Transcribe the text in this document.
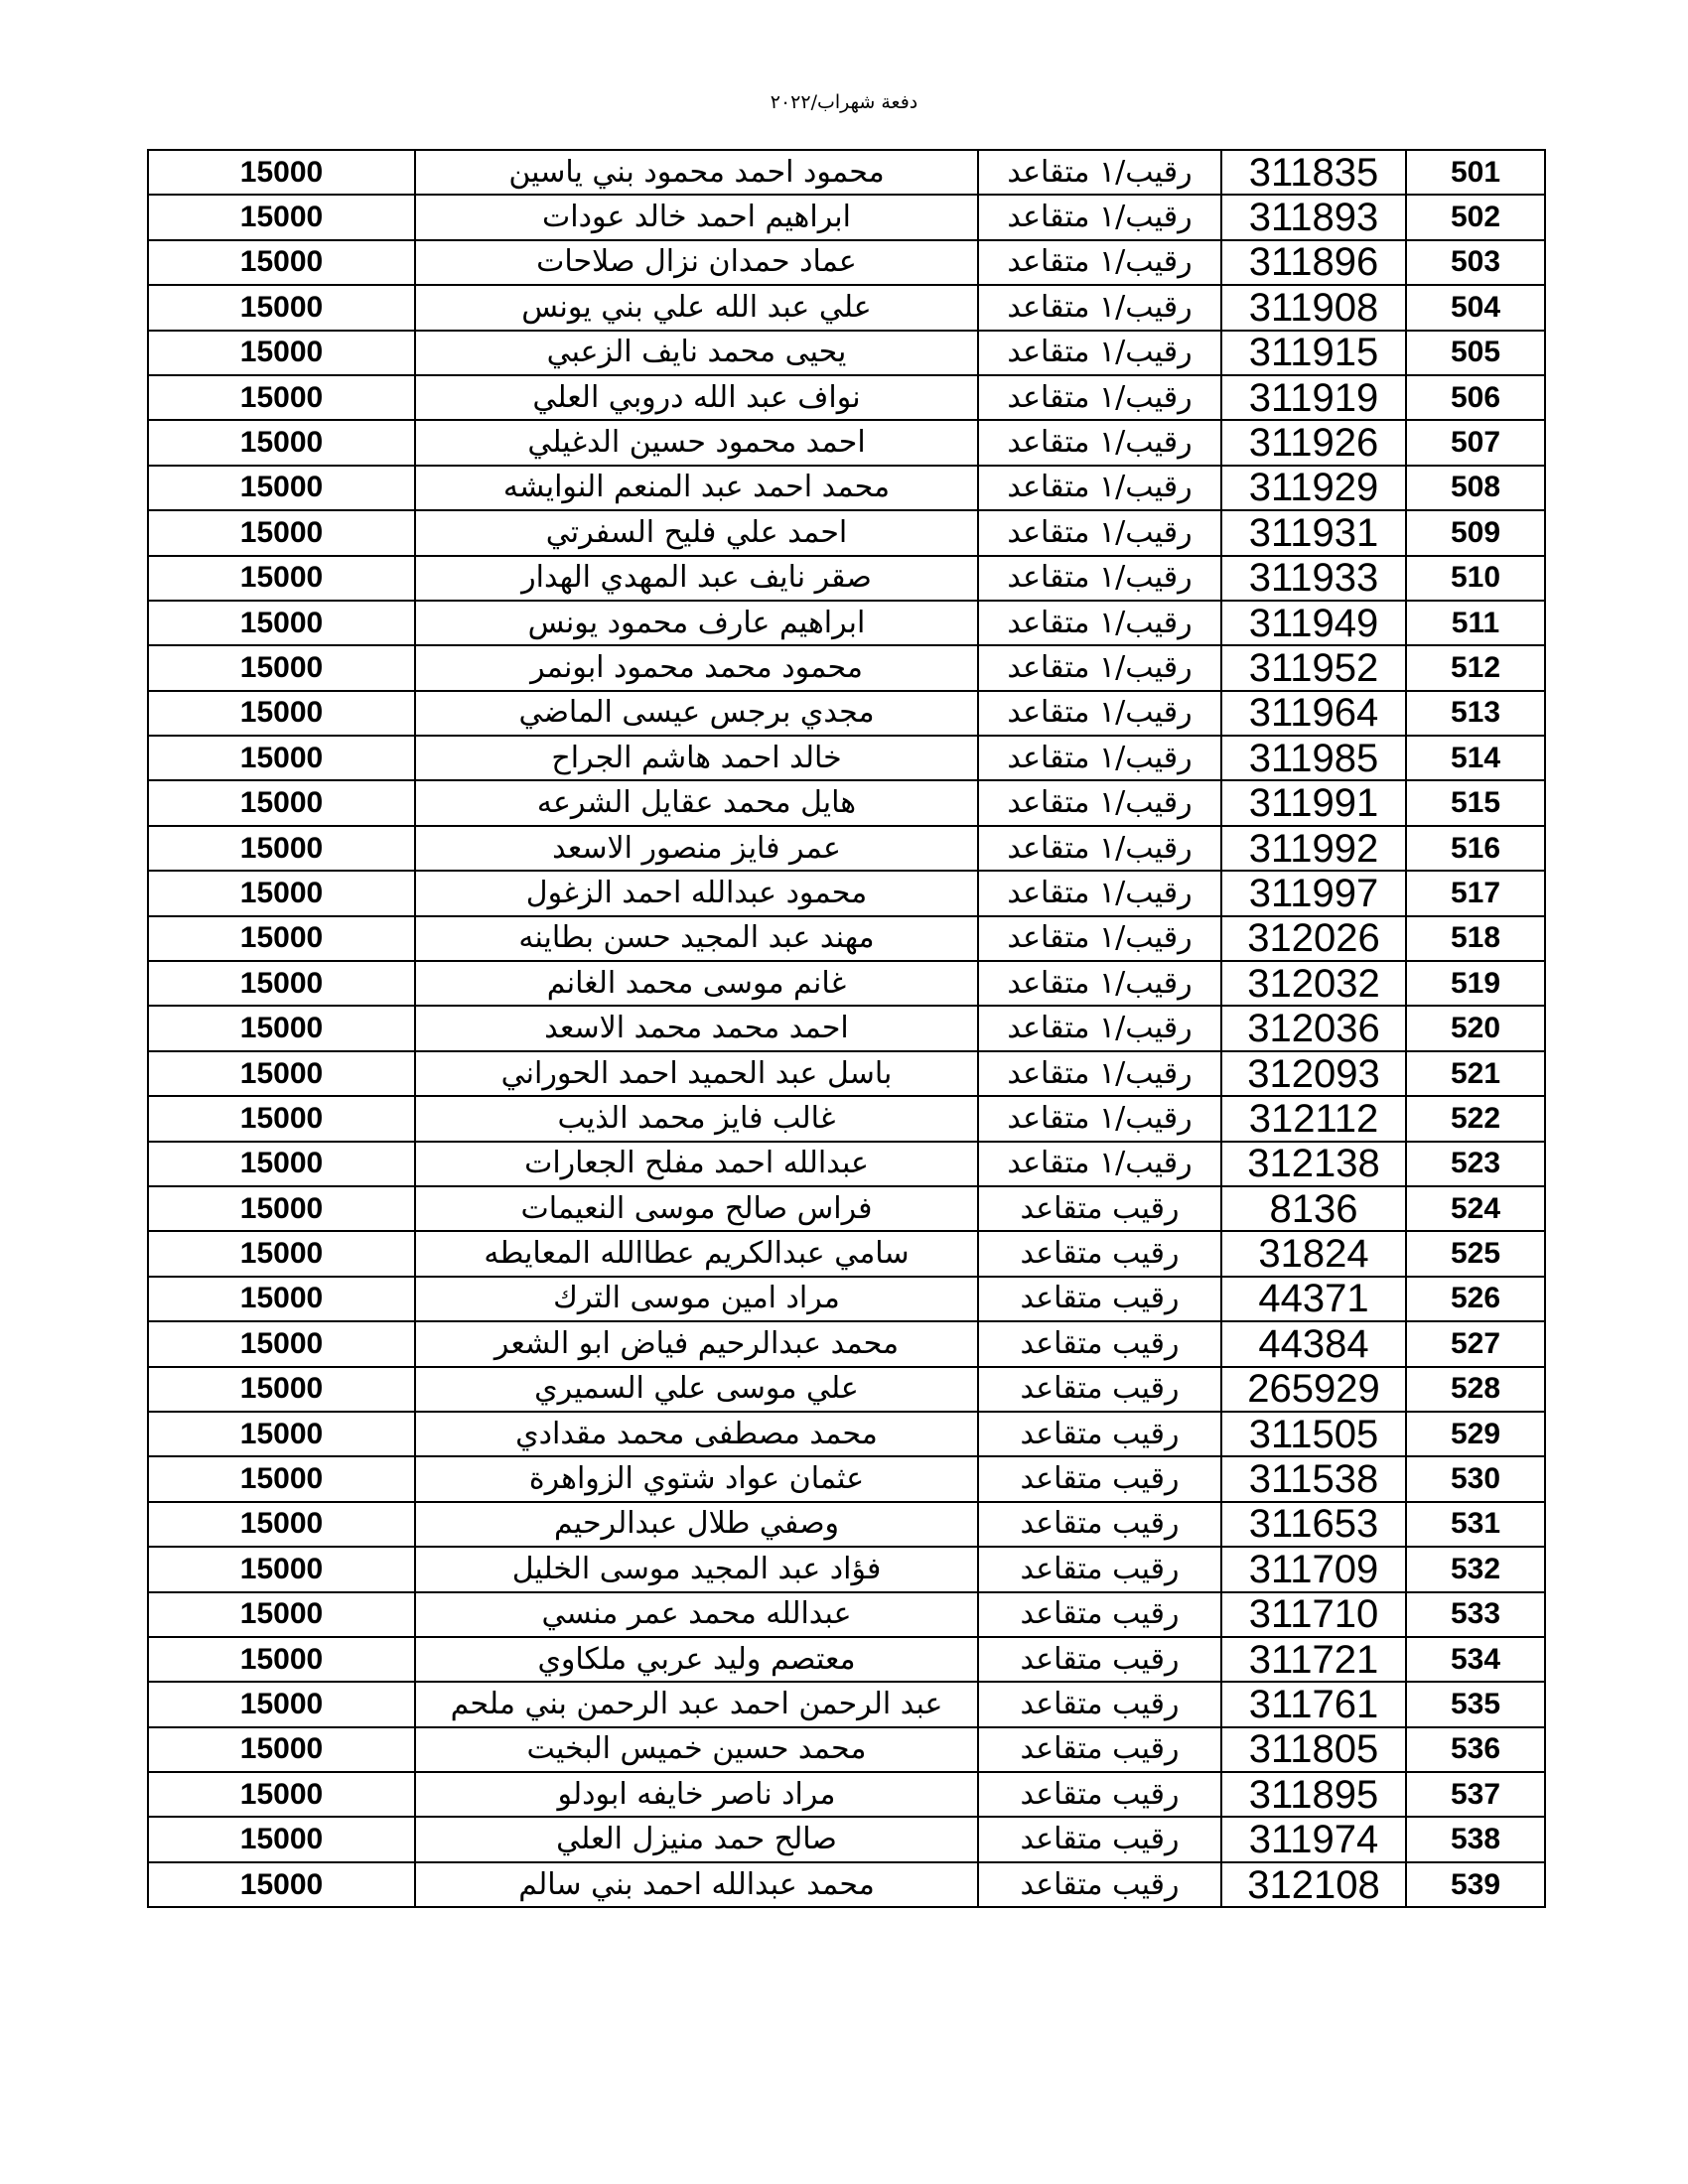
دفعة شهراب/٢٠٢٢
501	311835	رقيب/١ متقاعد	محمود احمد محمود بني ياسين	15000
502	311893	رقيب/١ متقاعد	ابراهيم احمد خالد عودات	15000
503	311896	رقيب/١ متقاعد	عماد حمدان نزال صلاحات	15000
504	311908	رقيب/١ متقاعد	علي عبد الله علي بني يونس	15000
505	311915	رقيب/١ متقاعد	يحيى محمد نايف الزعبي	15000
506	311919	رقيب/١ متقاعد	نواف عبد الله دروبي العلي	15000
507	311926	رقيب/١ متقاعد	احمد محمود حسين الدغيلي	15000
508	311929	رقيب/١ متقاعد	محمد احمد عبد المنعم النوايشه	15000
509	311931	رقيب/١ متقاعد	احمد علي فليح السفرتي	15000
510	311933	رقيب/١ متقاعد	صقر نايف عبد المهدي الهدار	15000
511	311949	رقيب/١ متقاعد	ابراهيم عارف محمود يونس	15000
512	311952	رقيب/١ متقاعد	محمود محمد محمود ابونمر	15000
513	311964	رقيب/١ متقاعد	مجدي برجس عيسى الماضي	15000
514	311985	رقيب/١ متقاعد	خالد احمد هاشم الجراح	15000
515	311991	رقيب/١ متقاعد	هايل محمد عقايل الشرعه	15000
516	311992	رقيب/١ متقاعد	عمر فايز منصور الاسعد	15000
517	311997	رقيب/١ متقاعد	محمود عبدالله احمد الزغول	15000
518	312026	رقيب/١ متقاعد	مهند عبد المجيد حسن بطاينه	15000
519	312032	رقيب/١ متقاعد	غانم موسى محمد الغانم	15000
520	312036	رقيب/١ متقاعد	احمد محمد محمد الاسعد	15000
521	312093	رقيب/١ متقاعد	باسل عبد الحميد احمد الحوراني	15000
522	312112	رقيب/١ متقاعد	غالب فايز محمد الذيب	15000
523	312138	رقيب/١ متقاعد	عبدالله احمد مفلح الجعارات	15000
524	8136	رقيب متقاعد	فراس صالح موسى النعيمات	15000
525	31824	رقيب متقاعد	سامي عبدالكريم عطاالله المعايطه	15000
526	44371	رقيب متقاعد	مراد امين موسى الترك	15000
527	44384	رقيب متقاعد	محمد عبدالرحيم فياض ابو الشعر	15000
528	265929	رقيب متقاعد	علي موسى علي السميري	15000
529	311505	رقيب متقاعد	محمد مصطفى محمد مقدادي	15000
530	311538	رقيب متقاعد	عثمان عواد شتوي الزواهرة	15000
531	311653	رقيب متقاعد	وصفي طلال عبدالرحيم	15000
532	311709	رقيب متقاعد	فؤاد عبد المجيد موسى الخليل	15000
533	311710	رقيب متقاعد	عبدالله محمد عمر منسي	15000
534	311721	رقيب متقاعد	معتصم وليد عربي ملكاوي	15000
535	311761	رقيب متقاعد	عبد الرحمن احمد عبد الرحمن بني ملحم	15000
536	311805	رقيب متقاعد	محمد حسين خميس البخيت	15000
537	311895	رقيب متقاعد	مراد ناصر خايفه ابودلو	15000
538	311974	رقيب متقاعد	صالح حمد منيزل العلي	15000
539	312108	رقيب متقاعد	محمد عبدالله احمد بني سالم	15000
